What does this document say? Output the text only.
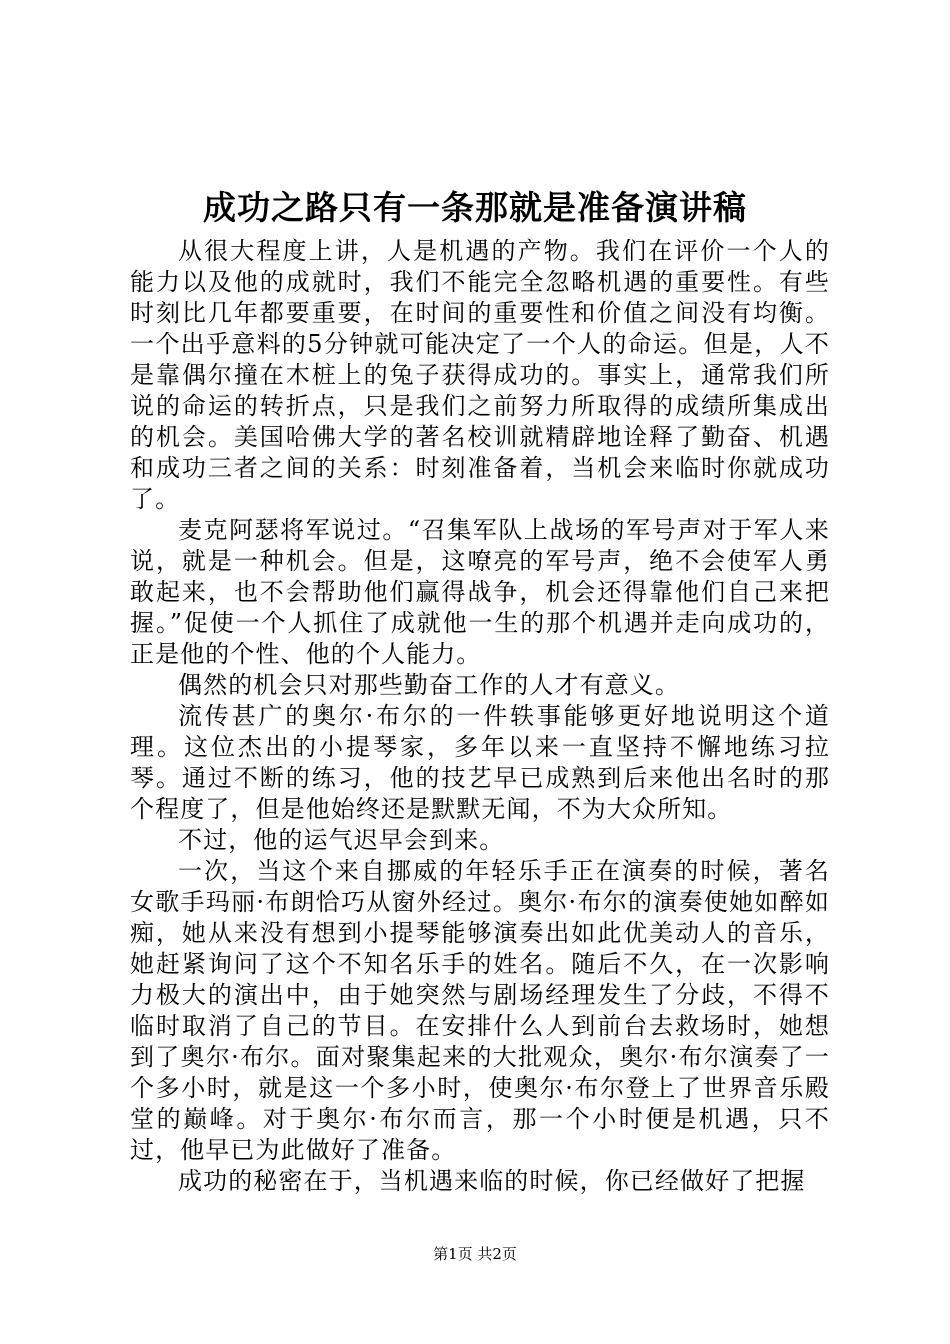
成功之路只有一条那就是准备演讲稿

从很大程度上讲，人是机遇的产物。我们在评价一个人的能力以及他的成就时，我们不能完全忽略机遇的重要性。有些时刻比几年都要重要，在时间的重要性和价值之间没有均衡。一个出乎意料的5分钟就可能决定了一个人的命运。但是，人不是靠偶尔撞在木桩上的兔子获得成功的。事实上，通常我们所说的命运的转折点，只是我们之前努力所取得的成绩所集成出的机会。美国哈佛大学的著名校训就精辟地诠释了勤奋、机遇和成功三者之间的关系：时刻准备着，当机会来临时你就成功了。

麦克阿瑟将军说过。“召集军队上战场的军号声对于军人来说，就是一种机会。但是，这嘹亮的军号声，绝不会使军人勇敢起来，也不会帮助他们赢得战争，机会还得靠他们自己来把握。”促使一个人抓住了成就他一生的那个机遇并走向成功的，正是他的个性、他的个人能力。

偶然的机会只对那些勤奋工作的人才有意义。

流传甚广的奥尔·布尔的一件轶事能够更好地说明这个道理。这位杰出的小提琴家，多年以来一直坚持不懈地练习拉琴。通过不断的练习，他的技艺早已成熟到后来他出名时的那个程度了，但是他始终还是默默无闻，不为大众所知。

不过，他的运气迟早会到来。

一次，当这个来自挪威的年轻乐手正在演奏的时候，著名女歌手玛丽·布朗恰巧从窗外经过。奥尔·布尔的演奏使她如醉如痴，她从来没有想到小提琴能够演奏出如此优美动人的音乐，她赶紧询问了这个不知名乐手的姓名。随后不久，在一次影响力极大的演出中，由于她突然与剧场经理发生了分歧，不得不临时取消了自己的节目。在安排什么人到前台去救场时，她想到了奥尔·布尔。面对聚集起来的大批观众，奥尔·布尔演奏了一个多小时，就是这一个多小时，使奥尔·布尔登上了世界音乐殿堂的巅峰。对于奥尔·布尔而言，那一个小时便是机遇，只不过，他早已为此做好了准备。

成功的秘密在于，当机遇来临的时候，你已经做好了把握

第1页 共2页
